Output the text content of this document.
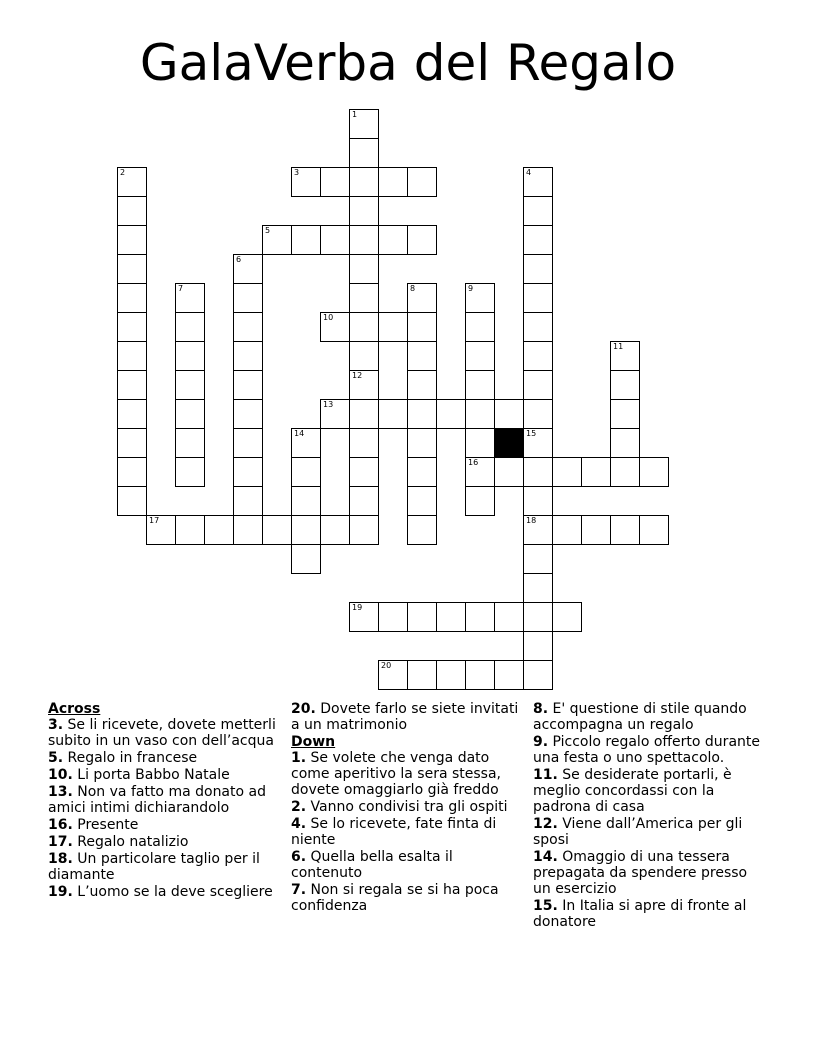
GalaVerba del Regalo
1
12
2	4
15
6
7	8	9
16
11
14
18
3
5
10
13
17
19
20
Across
3. Se li ricevete, dovete metterli subito in un vaso con dell’acqua
5. Regalo in francese
10. Li porta Babbo Natale
13. Non va fatto ma donato ad amici intimi dichiarandolo
16. Presente
17. Regalo natalizio
18. Un particolare taglio per il diamante
19. L’uomo se la deve scegliere
20. Dovete farlo se siete invitati a un matrimonio
Down
1. Se volete che venga dato come aperitivo la sera stessa, dovete omaggiarlo già freddo
2. Vanno condivisi tra gli ospiti
4. Se lo ricevete, fate finta di niente
6. Quella bella esalta il contenuto
7. Non si regala se si ha poca confidenza
8. E' questione di stile quando accompagna un regalo
9. Piccolo regalo offerto durante una festa o uno spettacolo.
11. Se desiderate portarli, è meglio concordassi con la padrona di casa
12. Viene dall’America per gli sposi
14. Omaggio di una tessera prepagata da spendere presso un esercizio
15. In Italia si apre di fronte al donatore
